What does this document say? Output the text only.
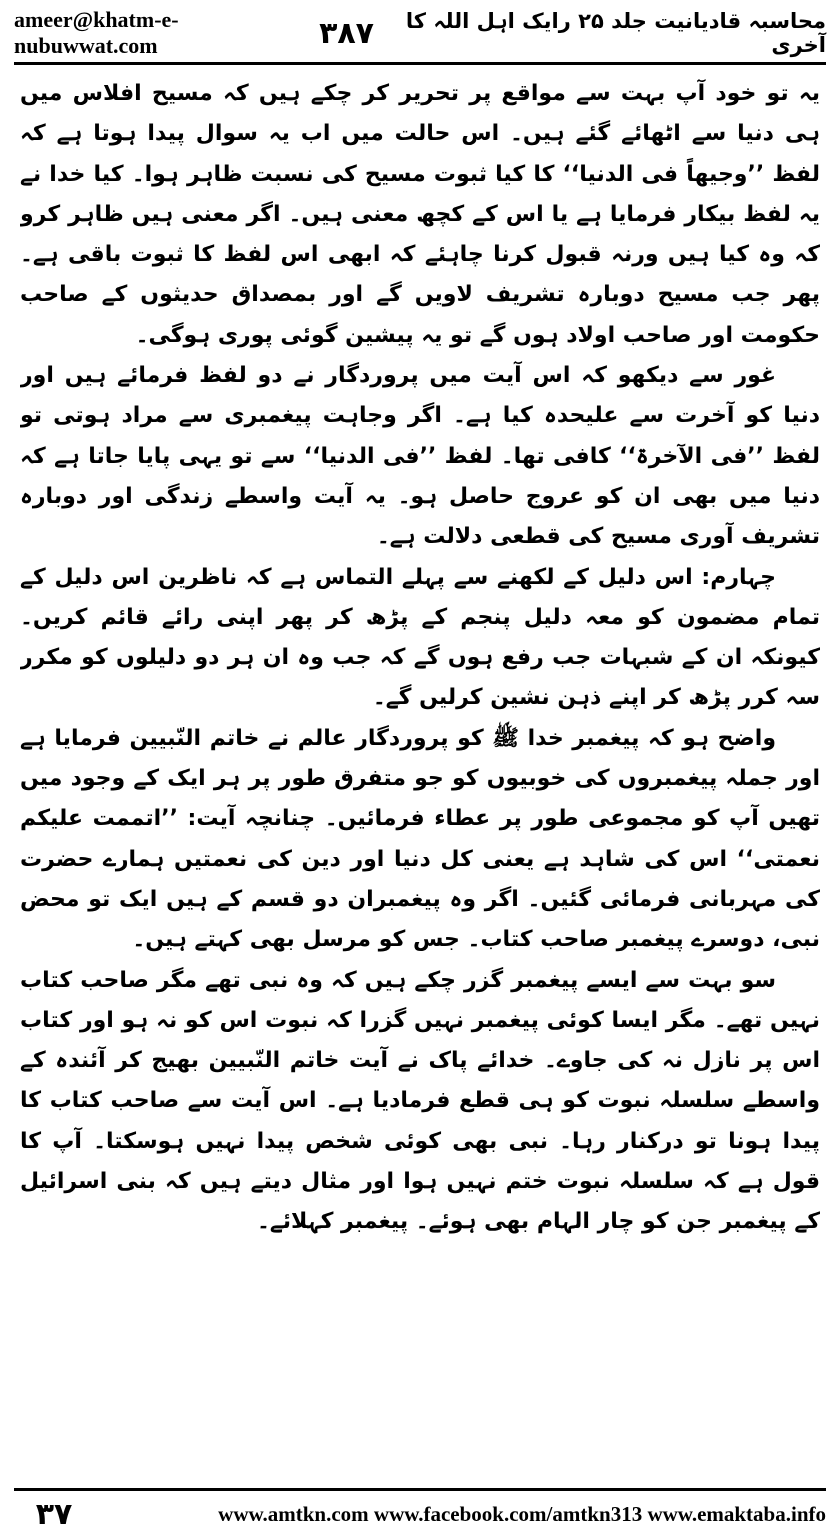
ameer@khatm-e-nubuwwat.com	۳۸۷	محاسبہ قادیانیت جلد ۲۵ رایک اہل اللہ کا آخری

یہ تو خود آپ بہت سے مواقع پر تحریر کر چکے ہیں کہ مسیح افلاس میں ہی دنیا سے اٹھائے گئے ہیں۔ اس حالت میں اب یہ سوال پیدا ہوتا ہے کہ لفظ ’’وجیھاً فی الدنیا‘‘ کا کیا ثبوت مسیح کی نسبت ظاہر ہوا۔ کیا خدا نے یہ لفظ بیکار فرمایا ہے یا اس کے کچھ معنی ہیں۔ اگر معنی ہیں ظاہر کرو کہ وہ کیا ہیں ورنہ قبول کرنا چاہئے کہ ابھی اس لفظ کا ثبوت باقی ہے۔ پھر جب مسیح دوبارہ تشریف لاویں گے اور بمصداق حدیثوں کے صاحب حکومت اور صاحب اولاد ہوں گے تو یہ پیشین گوئی پوری ہوگی۔

غور سے دیکھو کہ اس آیت میں پروردگار نے دو لفظ فرمائے ہیں اور دنیا کو آخرت سے علیحدہ کیا ہے۔ اگر وجاہت پیغمبری سے مراد ہوتی تو لفظ ’’فی الآخرۃ‘‘ کافی تھا۔ لفظ ’’فی الدنیا‘‘ سے تو یہی پایا جاتا ہے کہ دنیا میں بھی ان کو عروج حاصل ہو۔ یہ آیت واسطے زندگی اور دوبارہ تشریف آوری مسیح کی قطعی دلالت ہے۔

چہارم: اس دلیل کے لکھنے سے پہلے التماس ہے کہ ناظرین اس دلیل کے تمام مضمون کو معہ دلیل پنجم کے پڑھ کر پھر اپنی رائے قائم کریں۔ کیونکہ ان کے شبہات جب رفع ہوں گے کہ جب وہ ان ہر دو دلیلوں کو مکرر سہ کرر پڑھ کر اپنے ذہن نشین کرلیں گے۔

واضح ہو کہ پیغمبر خدا ﷺ کو پروردگار عالم نے خاتم النّبیین فرمایا ہے اور جملہ پیغمبروں کی خوبیوں کو جو متفرق طور پر ہر ایک کے وجود میں تھیں آپ کو مجموعی طور پر عطاء فرمائیں۔ چنانچہ آیت: ’’اتممت علیکم نعمتی‘‘ اس کی شاہد ہے یعنی کل دنیا اور دین کی نعمتیں ہمارے حضرت کی مہربانی فرمائی گئیں۔ اگر وہ پیغمبران دو قسم کے ہیں ایک تو محض نبی، دوسرے پیغمبر صاحب کتاب۔ جس کو مرسل بھی کہتے ہیں۔

سو بہت سے ایسے پیغمبر گزر چکے ہیں کہ وہ نبی تھے مگر صاحب کتاب نہیں تھے۔ مگر ایسا کوئی پیغمبر نہیں گزرا کہ نبوت اس کو نہ ہو اور کتاب اس پر نازل نہ کی جاوے۔ خدائے پاک نے آیت خاتم النّبیین بھیج کر آئندہ کے واسطے سلسلہ نبوت کو ہی قطع فرمادیا ہے۔ اس آیت سے صاحب کتاب کا پیدا ہونا تو درکنار رہا۔ نبی بھی کوئی شخص پیدا نہیں ہوسکتا۔ آپ کا قول ہے کہ سلسلہ نبوت ختم نہیں ہوا اور مثال دیتے ہیں کہ بنی اسرائیل کے پیغمبر جن کو چار الہام بھی ہوئے۔ پیغمبر کہلائے۔

۳۷	www.amtkn.com www.facebook.com/amtkn313 www.emaktaba.info
